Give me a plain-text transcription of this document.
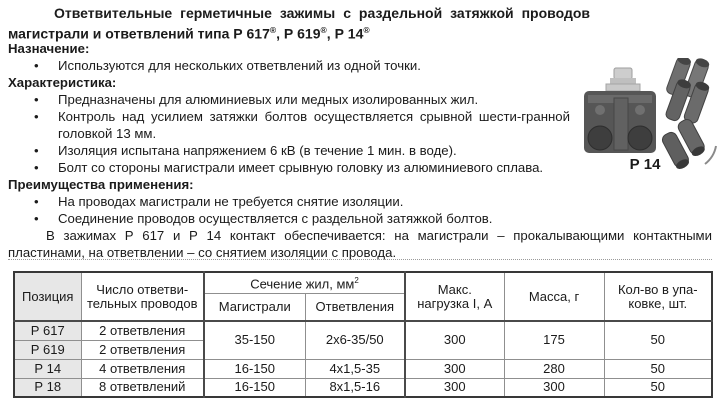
Ответвительные герметичные зажимы с раздельной затяжкой проводов магистрали и ответвлений типа Р 617®, Р 619®, Р 14®

Назначение:
• Используются для нескольких ответвлений из одной точки.
Характеристика:
• Предназначены для алюминиевых или медных изолированных жил.
• Контроль над усилием затяжки болтов осуществляется срывной шести-гранной головкой 13 мм.
• Изоляция испытана напряжением 6 кВ (в течение 1 мин. в воде).
• Болт со стороны магистрали имеет срывную головку из алюминиевого сплава.
Преимущества применения:
• На проводах магистрали не требуется снятие изоляции.
• Соединение проводов осуществляется с раздельной затяжкой болтов.

В зажимах Р 617 и Р 14 контакт обеспечивается: на магистрали – прокалывающими контактными пластинами, на ответвлении – со снятием изоляции с провода.

Р 14
Позиция	Число ответви-тельных проводов	Сечение жил, $мм^2$		Макс. нагрузка I, А	Масса, г	Кол-во в упа-ковке, шт.
		Магистрали	Ответвления			
Р 617	2 ответвления	35-150	2х6-35/50	300	175	50
Р 619	2 ответвления					
Р 14	4 ответвления	16-150	4х1,5-35	300	280	50
Р 18	8 ответвлений	16-150	8х1,5-16	300	300	50
